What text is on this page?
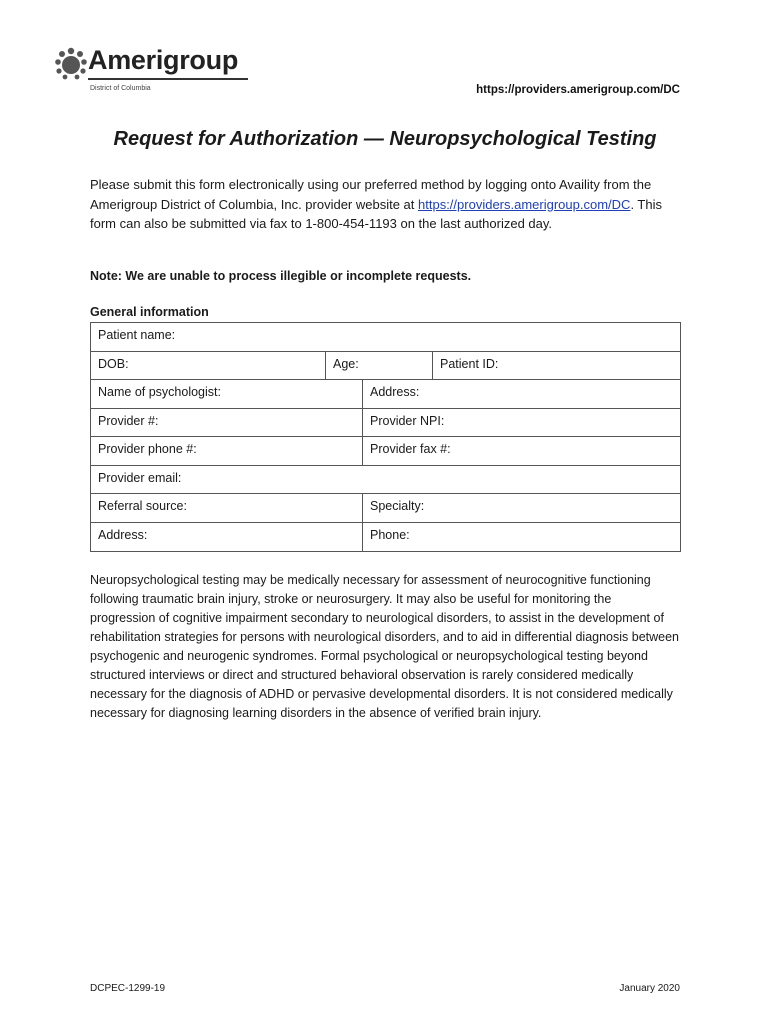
Amerigroup
District of Columbia	https://providers.amerigroup.com/DC
Request for Authorization — Neuropsychological Testing
Please submit this form electronically using our preferred method by logging onto Availity from the Amerigroup District of Columbia, Inc. provider website at https://providers.amerigroup.com/DC. This form can also be submitted via fax to 1-800-454-1193 on the last authorized day.
Note: We are unable to process illegible or incomplete requests.
General information
Patient name:
DOB:	Age:	Patient ID:
Name of psychologist:	Address:
Provider #:	Provider NPI:
Provider phone #:	Provider fax #:
Provider email:
Referral source:	Specialty:
Address:	Phone:
Neuropsychological testing may be medically necessary for assessment of neurocognitive functioning following traumatic brain injury, stroke or neurosurgery. It may also be useful for monitoring the progression of cognitive impairment secondary to neurological disorders, to assist in the development of rehabilitation strategies for persons with neurological disorders, and to aid in differential diagnosis between psychogenic and neurogenic syndromes. Formal psychological or neuropsychological testing beyond structured interviews or direct and structured behavioral observation is rarely considered medically necessary for the diagnosis of ADHD or pervasive developmental disorders. It is not considered medically necessary for diagnosing learning disorders in the absence of verified brain injury.
DCPEC-1299-19	January 2020
